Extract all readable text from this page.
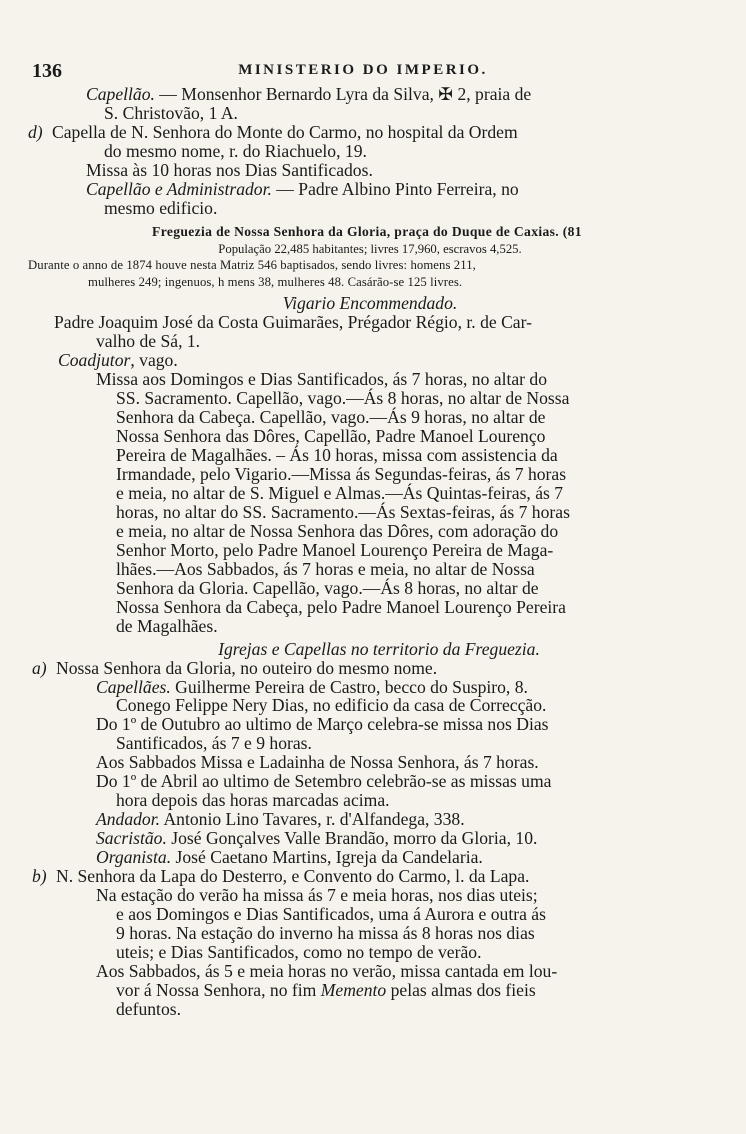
136	MINISTERIO DO IMPERIO.
Capellão. — Monsenhor Bernardo Lyra da Silva, ✠ 2, praia de
S. Christovão, 1 A.
d) Capella de N. Senhora do Monte do Carmo, no hospital da Ordem
do mesmo nome, r. do Riachuelo, 19.
Missa às 10 horas nos Dias Santificados.
Capellão e Administrador. — Padre Albino Pinto Ferreira, no
mesmo edificio.
Freguezia de Nossa Senhora da Gloria, praça do Duque de Caxias. (81
População 22,485 habitantes; livres 17,960, escravos 4,525.
Durante o anno de 1874 houve nesta Matriz 546 baptisados, sendo livres: homens 211,
mulheres 249; ingenuos, h mens 38, mulheres 48. Casárão-se 125 livres.
Vigario Encommendado.
Padre Joaquim José da Costa Guimarães, Prégador Régio, r. de Car-
valho de Sá, 1.
Coadjutor, vago.
Missa aos Domingos e Dias Santificados, ás 7 horas, no altar do
SS. Sacramento. Capellão, vago.—Ás 8 horas, no altar de Nossa
Senhora da Cabeça. Capellão, vago.—Ás 9 horas, no altar de
Nossa Senhora das Dôres, Capellão, Padre Manoel Lourenço
Pereira de Magalhães. – Ás 10 horas, missa com assistencia da
Irmandade, pelo Vigario.—Missa ás Segundas-feiras, ás 7 horas
e meia, no altar de S. Miguel e Almas.—Ás Quintas-feiras, ás 7
horas, no altar do SS. Sacramento.—Ás Sextas-feiras, ás 7 horas
e meia, no altar de Nossa Senhora das Dôres, com adoração do
Senhor Morto, pelo Padre Manoel Lourenço Pereira de Maga-
lhães.—Aos Sabbados, ás 7 horas e meia, no altar de Nossa
Senhora da Gloria. Capellão, vago.—Ás 8 horas, no altar de
Nossa Senhora da Cabeça, pelo Padre Manoel Lourenço Pereira
de Magalhães.
Igrejas e Capellas no territorio da Freguezia.
a) Nossa Senhora da Gloria, no outeiro do mesmo nome.
Capellães. Guilherme Pereira de Castro, becco do Suspiro, 8.
Conego Felippe Nery Dias, no edificio da casa de Correcção.
Do 1º de Outubro ao ultimo de Março celebra-se missa nos Dias
Santificados, ás 7 e 9 horas.
Aos Sabbados Missa e Ladainha de Nossa Senhora, ás 7 horas.
Do 1º de Abril ao ultimo de Setembro celebrão-se as missas uma
hora depois das horas marcadas acima.
Andador. Antonio Lino Tavares, r. d'Alfandega, 338.
Sacristão. José Gonçalves Valle Brandão, morro da Gloria, 10.
Organista. José Caetano Martins, Igreja da Candelaria.
b) N. Senhora da Lapa do Desterro, e Convento do Carmo, l. da Lapa.
Na estação do verão ha missa ás 7 e meia horas, nos dias uteis;
e aos Domingos e Dias Santificados, uma á Aurora e outra ás
9 horas. Na estação do inverno ha missa ás 8 horas nos dias
uteis; e Dias Santificados, como no tempo de verão.
Aos Sabbados, ás 5 e meia horas no verão, missa cantada em lou-
vor á Nossa Senhora, no fim Memento pelas almas dos fieis
defuntos.
